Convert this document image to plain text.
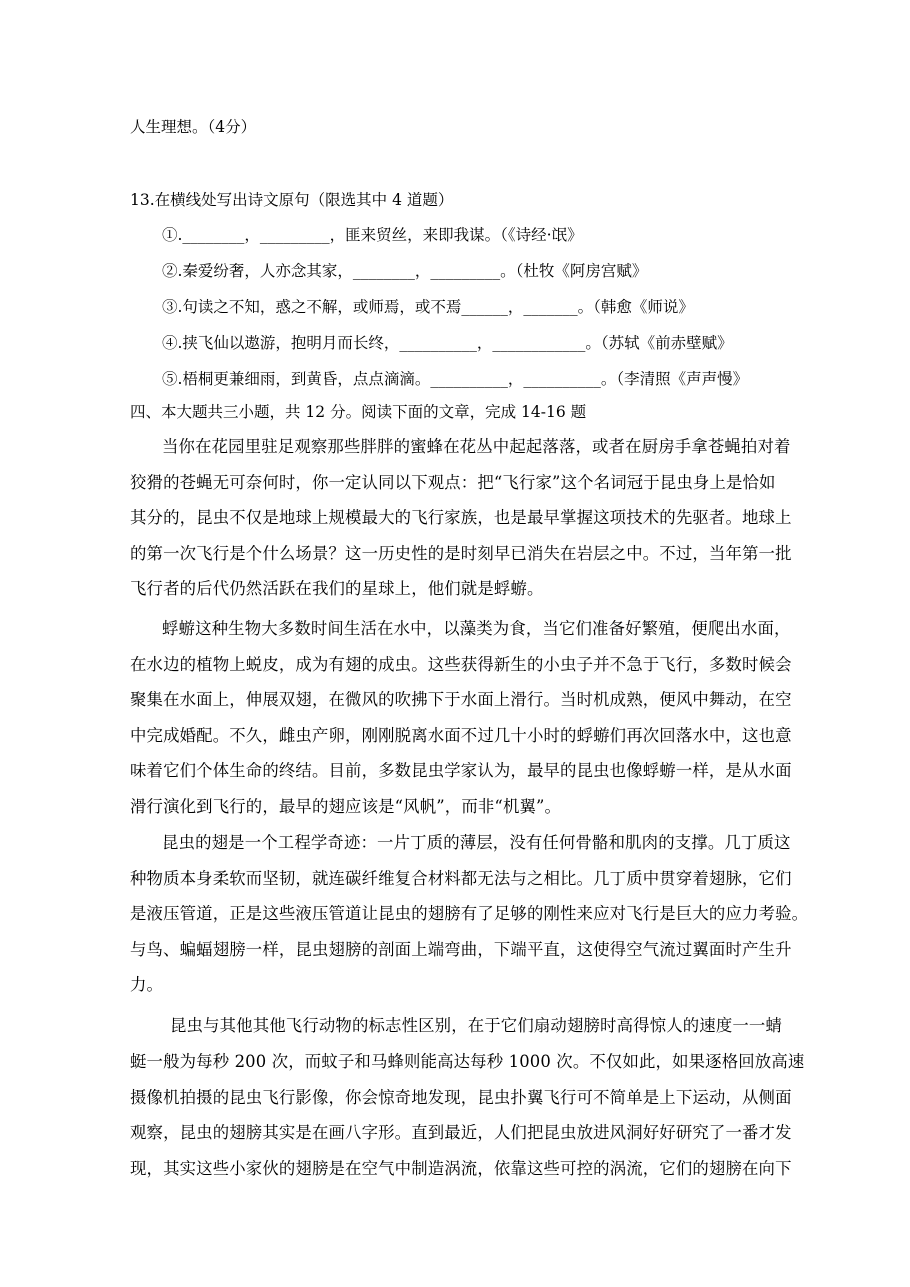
人生理想。（4分）
13.在横线处写出诗文原句（限选其中 4 道题）
①.________，_________，匪来贸丝，来即我谋。（《诗经·氓》
②.秦爱纷奢，人亦念其家，________，_________。（杜牧《阿房宫赋》
③.句读之不知，惑之不解，或师焉，或不焉______，_______。（韩愈《师说》
④.挟飞仙以遨游，抱明月而长终，__________，____________。（苏轼《前赤壁赋》
⑤.梧桐更兼细雨，到黄昏，点点滴滴。__________，__________。（李清照《声声慢》
四、本大题共三小题，共 12 分。阅读下面的文章，完成 14-16 题
当你在花园里驻足观察那些胖胖的蜜蜂在花丛中起起落落，或者在厨房手拿苍蝇拍对着
狡猾的苍蝇无可奈何时，你一定认同以下观点：把“飞行家”这个名词冠于昆虫身上是恰如
其分的，昆虫不仅是地球上规模最大的飞行家族，也是最早掌握这项技术的先驱者。地球上
的第一次飞行是个什么场景？这一历史性的是时刻早已消失在岩层之中。不过，当年第一批
飞行者的后代仍然活跃在我们的星球上，他们就是蜉蝣。
蜉蝣这种生物大多数时间生活在水中，以藻类为食，当它们准备好繁殖，便爬出水面，
在水边的植物上蜕皮，成为有翅的成虫。这些获得新生的小虫子并不急于飞行，多数时候会
聚集在水面上，伸展双翅，在微风的吹拂下于水面上滑行。当时机成熟，便风中舞动，在空
中完成婚配。不久，雌虫产卵，刚刚脱离水面不过几十小时的蜉蝣们再次回落水中，这也意
味着它们个体生命的终结。目前，多数昆虫学家认为，最早的昆虫也像蜉蝣一样，是从水面
滑行演化到飞行的，最早的翅应该是“风帆”，而非“机翼”。
昆虫的翅是一个工程学奇迹：一片丁质的薄层，没有任何骨骼和肌肉的支撑。几丁质这
种物质本身柔软而坚韧，就连碳纤维复合材料都无法与之相比。几丁质中贯穿着翅脉，它们
是液压管道，正是这些液压管道让昆虫的翅膀有了足够的刚性来应对飞行是巨大的应力考验。
与鸟、蝙蝠翅膀一样，昆虫翅膀的剖面上端弯曲，下端平直，这使得空气流过翼面时产生升
力。
昆虫与其他其他飞行动物的标志性区别，在于它们扇动翅膀时高得惊人的速度一一蜻
蜓一般为每秒 200 次，而蚊子和马蜂则能高达每秒 1000 次。不仅如此，如果逐格回放高速
摄像机拍摄的昆虫飞行影像，你会惊奇地发现，昆虫扑翼飞行可不简单是上下运动，从侧面
观察，昆虫的翅膀其实是在画八字形。直到最近，人们把昆虫放进风洞好好研究了一番才发
现，其实这些小家伙的翅膀是在空气中制造涡流，依靠这些可控的涡流，它们的翅膀在向下
